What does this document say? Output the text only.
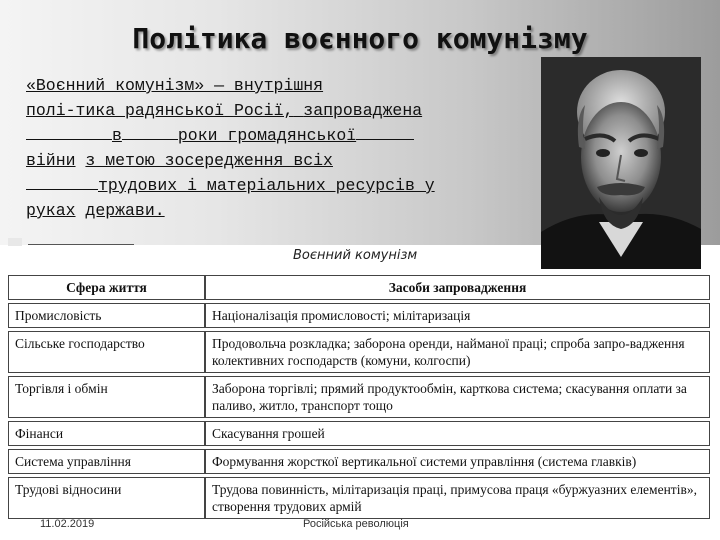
Політика воєнного комунізму
«Воєнний комунізм» — внутрішня
полі-тика радянської Росії, запроваджена
в	роки громадянської
війни з метою зосередження всіх
трудових і матеріальних ресурсів у
руках держави.
Воєнний комунізм
Сфера життя	Засоби запровадження
Промисловість	Націоналізація промисловості; мілітаризація
Сільське господарство	Продовольча розкладка; заборона оренди, найманої праці; спроба запро-вадження колективних господарств (комуни, колгоспи)
Торгівля і обмін	Заборона торгівлі; прямий продуктообмін, карткова система; скасування оплати за паливо, житло, транспорт тощо
Фінанси	Скасування грошей
Система управління	Формування жорсткої вертикальної системи управління (система главків)
Трудові відносини	Трудова повинність, мілітаризація праці, примусова праця «буржуазних елементів», створення трудових армій
11.02.2019	Російська революція
